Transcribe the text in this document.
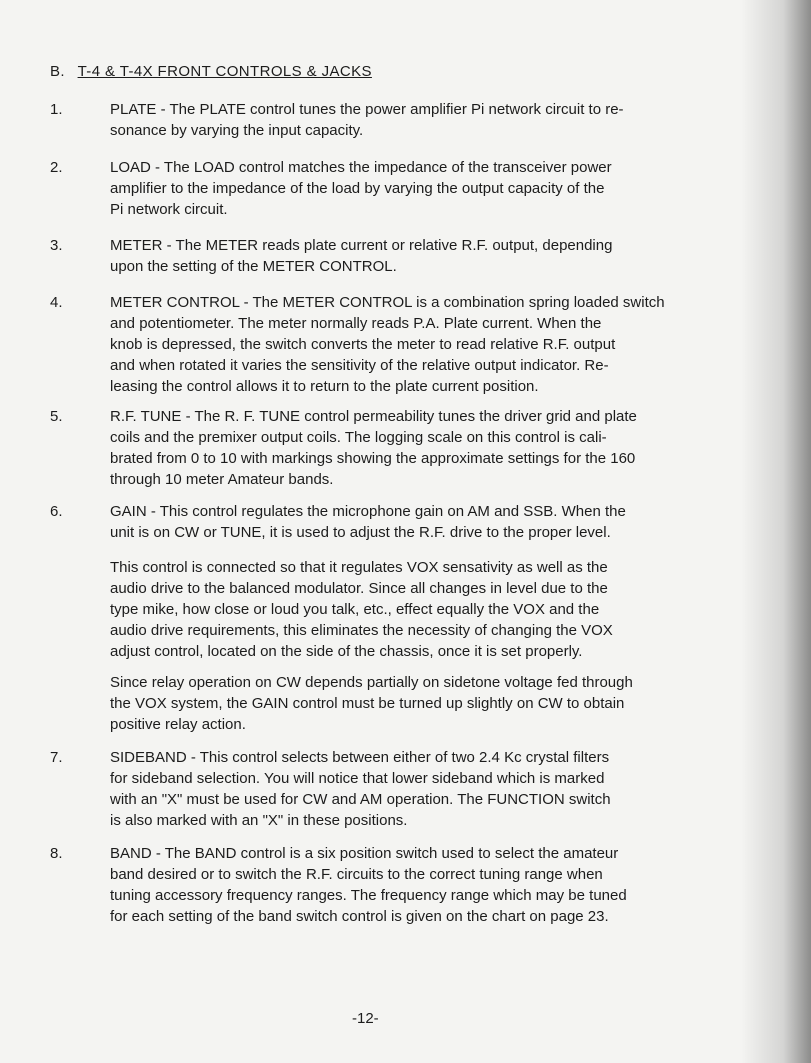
B. T-4 & T-4X FRONT CONTROLS & JACKS
1.	PLATE - The PLATE control tunes the power amplifier Pi network circuit to re-
sonance by varying the input capacity.
2.	LOAD - The LOAD control matches the impedance of the transceiver power
amplifier to the impedance of the load by varying the output capacity of the
Pi network circuit.
3.	METER - The METER reads plate current or relative R.F. output, depending
upon the setting of the METER CONTROL.
4.	METER CONTROL - The METER CONTROL is a combination spring loaded switch
and potentiometer. The meter normally reads P.A. Plate current. When the
knob is depressed, the switch converts the meter to read relative R.F. output
and when rotated it varies the sensitivity of the relative output indicator. Re-
leasing the control allows it to return to the plate current position.
5.	R.F. TUNE - The R. F. TUNE control permeability tunes the driver grid and plate
coils and the premixer output coils. The logging scale on this control is cali-
brated from 0 to 10 with markings showing the approximate settings for the 160
through 10 meter Amateur bands.
6.	GAIN - This control regulates the microphone gain on AM and SSB. When the
unit is on CW or TUNE, it is used to adjust the R.F. drive to the proper level.
This control is connected so that it regulates VOX sensativity as well as the
audio drive to the balanced modulator. Since all changes in level due to the
type mike, how close or loud you talk, etc., effect equally the VOX and the
audio drive requirements, this eliminates the necessity of changing the VOX
adjust control, located on the side of the chassis, once it is set properly.
Since relay operation on CW depends partially on sidetone voltage fed through
the VOX system, the GAIN control must be turned up slightly on CW to obtain
positive relay action.
7.	SIDEBAND - This control selects between either of two 2.4 Kc crystal filters
for sideband selection. You will notice that lower sideband which is marked
with an "X" must be used for CW and AM operation. The FUNCTION switch
is also marked with an "X" in these positions.
8.	BAND - The BAND control is a six position switch used to select the amateur
band desired or to switch the R.F. circuits to the correct tuning range when
tuning accessory frequency ranges. The frequency range which may be tuned
for each setting of the band switch control is given on the chart on page 23.
-12-
